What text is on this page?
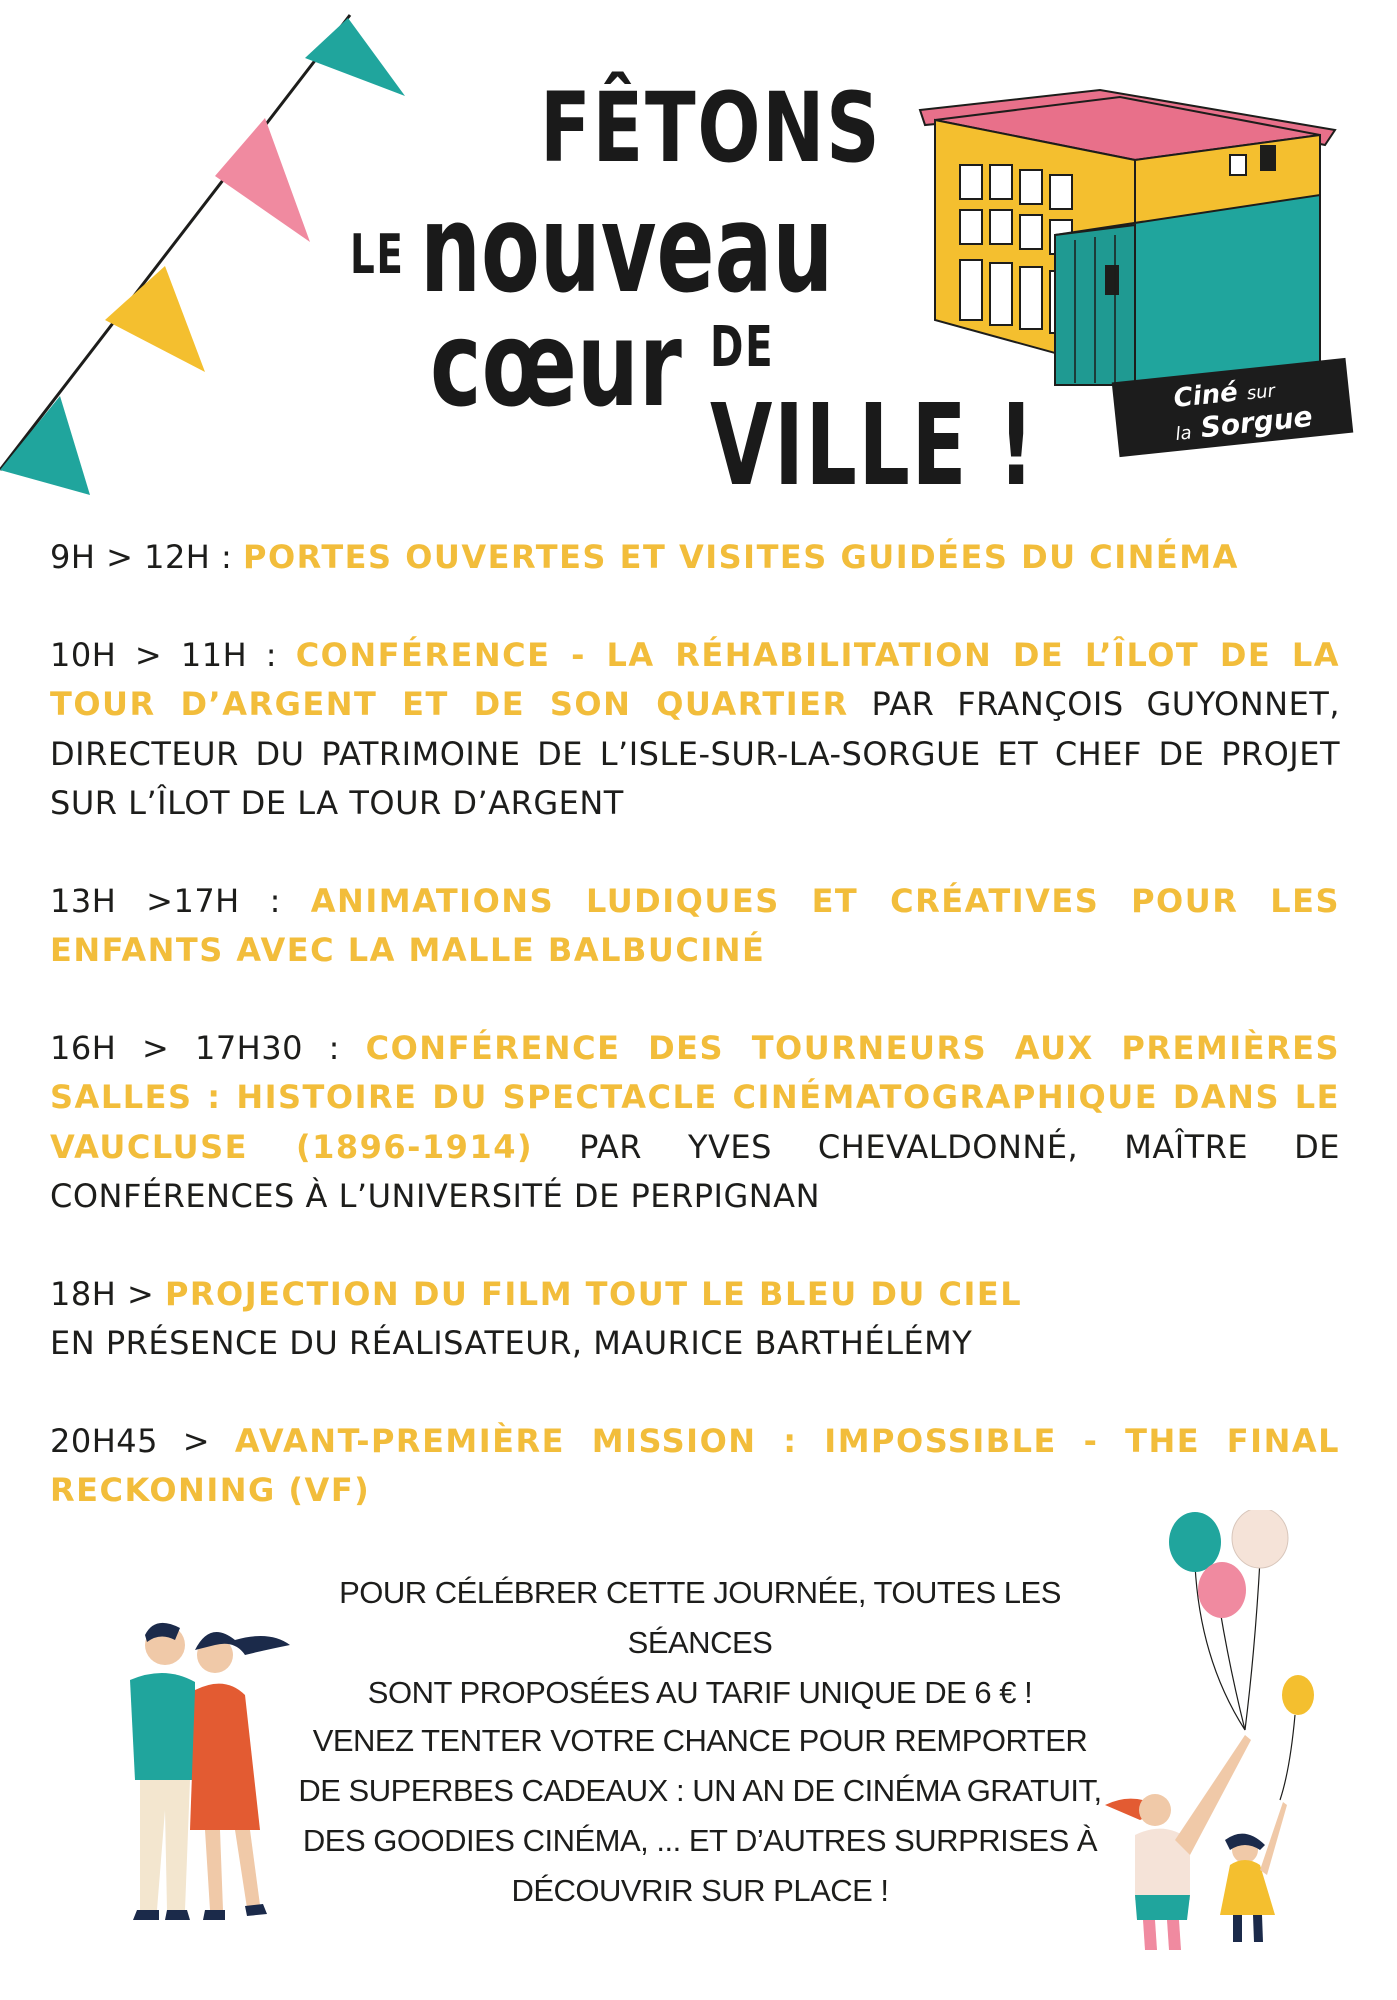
FÊTONS
LE nouveau
cœur DE
VILLE !	Ciné sur
la Sorgue

9H > 12H : PORTES OUVERTES ET VISITES GUIDÉES DU CINÉMA

10H > 11H : CONFÉRENCE - LA RÉHABILITATION DE L’ÎLOT DE LA TOUR D’ARGENT ET DE SON QUARTIER PAR FRANÇOIS GUYONNET, DIRECTEUR DU PATRIMOINE DE L’ISLE-SUR-LA-SORGUE ET CHEF DE PROJET SUR L’ÎLOT DE LA TOUR D’ARGENT

13H >17H : ANIMATIONS LUDIQUES ET CRÉATIVES POUR LES ENFANTS AVEC LA MALLE BALBUCINÉ

16H > 17H30 : CONFÉRENCE DES TOURNEURS AUX PREMIÈRES SALLES : HISTOIRE DU SPECTACLE CINÉMATOGRAPHIQUE DANS LE VAUCLUSE (1896-1914) PAR YVES CHEVALDONNÉ, MAÎTRE DE CONFÉRENCES À L’UNIVERSITÉ DE PERPIGNAN

18H > PROJECTION DU FILM TOUT LE BLEU DU CIEL
EN PRÉSENCE DU RÉALISATEUR, MAURICE BARTHÉLÉMY

20H45 > AVANT-PREMIÈRE MISSION : IMPOSSIBLE - THE FINAL RECKONING (VF)

POUR CÉLÉBRER CETTE JOURNÉE, TOUTES LES SÉANCES
SONT PROPOSÉES AU TARIF UNIQUE DE 6 € !
VENEZ TENTER VOTRE CHANCE POUR REMPORTER
DE SUPERBES CADEAUX : UN AN DE CINÉMA GRATUIT,
DES GOODIES CINÉMA, ... ET D’AUTRES SURPRISES À
DÉCOUVRIR SUR PLACE !
